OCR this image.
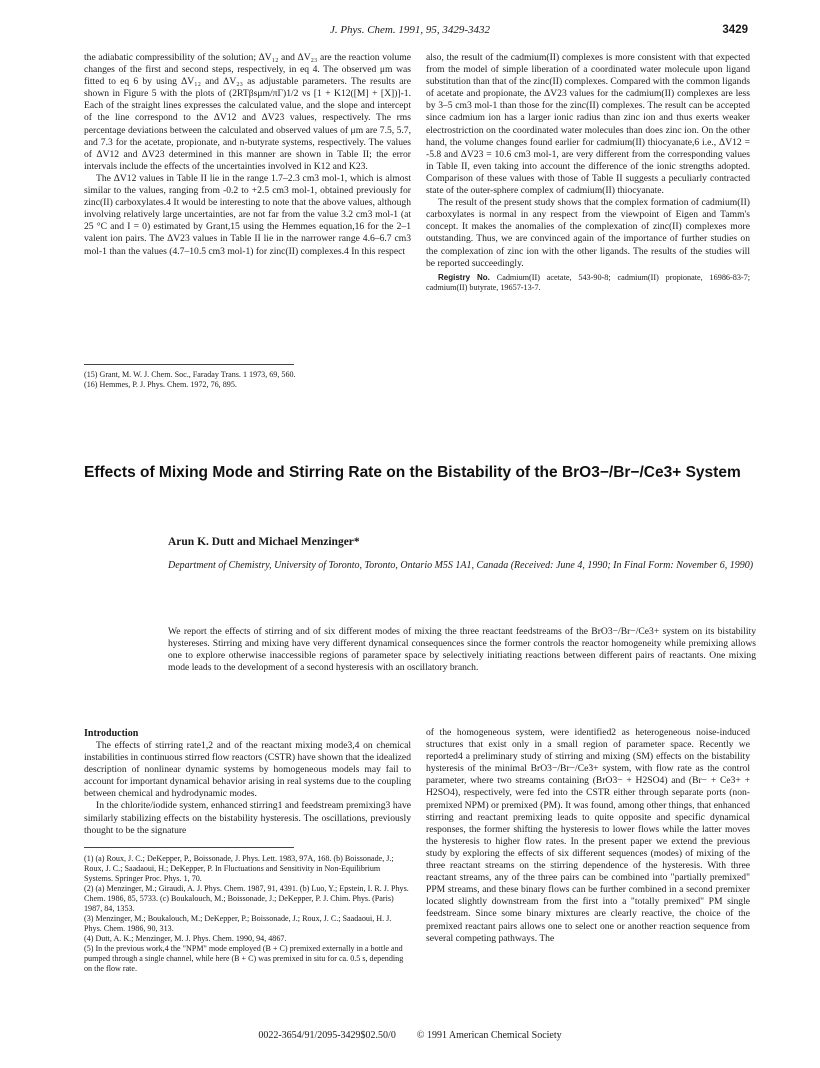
J. Phys. Chem. 1991, 95, 3429-3432	3429

the adiabatic compressibility of the solution; ΔV₁₂ and ΔV₂₃ are the reaction volume changes of the first and second steps, respectively, in eq 4. The observed μm was fitted to eq 6 by using ΔV₁₂ and ΔV₂₃ as adjustable parameters. The results are shown in Figure 5 with the plots of (2RTβsμm/πΓ)1/2 vs [1 + K12([M] + [X])]-1. Each of the straight lines expresses the calculated value, and the slope and intercept of the line correspond to the ΔV12 and ΔV23 values, respectively. The rms percentage deviations between the calculated and observed values of μm are 7.5, 5.7, and 7.3 for the acetate, propionate, and n-butyrate systems, respectively. The values of ΔV12 and ΔV23 determined in this manner are shown in Table II; the error intervals include the effects of the uncertainties involved in K12 and K23.

The ΔV12 values in Table II lie in the range 1.7–2.3 cm3 mol-1, which is almost similar to the values, ranging from -0.2 to +2.5 cm3 mol-1, obtained previously for zinc(II) carboxylates.4 It would be interesting to note that the above values, although involving relatively large uncertainties, are not far from the value 3.2 cm3 mol-1 (at 25 °C and I = 0) estimated by Grant,15 using the Hemmes equation,16 for the 2–1 valent ion pairs. The ΔV23 values in Table II lie in the narrower range 4.6–6.7 cm3 mol-1 than the values (4.7–10.5 cm3 mol-1) for zinc(II) complexes.4 In this respect

(15) Grant, M. W. J. Chem. Soc., Faraday Trans. 1 1973, 69, 560.
(16) Hemmes, P. J. Phys. Chem. 1972, 76, 895.

also, the result of the cadmium(II) complexes is more consistent with that expected from the model of simple liberation of a coordinated water molecule upon ligand substitution than that of the zinc(II) complexes. Compared with the common ligands of acetate and propionate, the ΔV23 values for the cadmium(II) complexes are less by 3–5 cm3 mol-1 than those for the zinc(II) complexes. The result can be accepted since cadmium ion has a larger ionic radius than zinc ion and thus exerts weaker electrostriction on the coordinated water molecules than does zinc ion. On the other hand, the volume changes found earlier for cadmium(II) thiocyanate,6 i.e., ΔV12 = -5.8 and ΔV23 = 10.6 cm3 mol-1, are very different from the corresponding values in Table II, even taking into account the difference of the ionic strengths adopted. Comparison of these values with those of Table II suggests a peculiarly contracted state of the outer-sphere complex of cadmium(II) thiocyanate.

The result of the present study shows that the complex formation of cadmium(II) carboxylates is normal in any respect from the viewpoint of Eigen and Tamm's concept. It makes the anomalies of the complexation of zinc(II) complexes more outstanding. Thus, we are convinced again of the importance of further studies on the complexation of zinc ion with the other ligands. The results of the studies will be reported succeedingly.

Registry No. Cadmium(II) acetate, 543-90-8; cadmium(II) propionate, 16986-83-7; cadmium(II) butyrate, 19657-13-7.

Effects of Mixing Mode and Stirring Rate on the Bistability of the BrO3−/Br−/Ce3+ System
Arun K. Dutt and Michael Menzinger*
Department of Chemistry, University of Toronto, Toronto, Ontario M5S 1A1, Canada (Received: June 4, 1990; In Final Form: November 6, 1990)
We report the effects of stirring and of six different modes of mixing the three reactant feedstreams of the BrO3−/Br−/Ce3+ system on its bistability hystereses. Stirring and mixing have very different dynamical consequences since the former controls the reactor homogeneity while premixing allows one to explore otherwise inaccessible regions of parameter space by selectively initiating reactions between different pairs of reactants. One mixing mode leads to the development of a second hysteresis with an oscillatory branch.
Introduction

The effects of stirring rate1,2 and of the reactant mixing mode3,4 on chemical instabilities in continuous stirred flow reactors (CSTR) have shown that the idealized description of nonlinear dynamic systems by homogeneous models may fail to account for important dynamical behavior arising in real systems due to the coupling between chemical and hydrodynamic modes.

In the chlorite/iodide system, enhanced stirring1 and feedstream premixing3 have similarly stabilizing effects on the bistability hysteresis. The oscillations, previously thought to be the signature

(1) (a) Roux, J. C.; DeKepper, P., Boissonade, J. Phys. Lett. 1983, 97A, 168. (b) Boissonade, J.; Roux, J. C.; Saadaoui, H.; DeKepper, P. In Fluctuations and Sensitivity in Non-Equilibrium Systems. Springer Proc. Phys. 1, 70.
(2) (a) Menzinger, M.; Giraudi, A. J. Phys. Chem. 1987, 91, 4391. (b) Luo, Y.; Epstein, I. R. J. Phys. Chem. 1986, 85, 5733. (c) Boukalouch, M.; Boissonade, J.; DeKepper, P. J. Chim. Phys. (Paris) 1987, 84, 1353.
(3) Menzinger, M.; Boukalouch, M.; DeKepper, P.; Boissonade, J.; Roux, J. C.; Saadaoui, H. J. Phys. Chem. 1986, 90, 313.
(4) Dutt, A. K.; Menzinger, M. J. Phys. Chem. 1990, 94, 4867.
(5) In the previous work,4 the "NPM" mode employed (B + C) premixed externally in a bottle and pumped through a single channel, while here (B + C) was premixed in situ for ca. 0.5 s, depending on the flow rate.

of the homogeneous system, were identified2 as heterogeneous noise-induced structures that exist only in a small region of parameter space. Recently we reported4 a preliminary study of stirring and mixing (SM) effects on the bistability hysteresis of the minimal BrO3−/Br−/Ce3+ system, with flow rate as the control parameter, where two streams containing (BrO3− + H2SO4) and (Br− + Ce3+ + H2SO4), respectively, were fed into the CSTR either through separate ports (non-premixed NPM) or premixed (PM). It was found, among other things, that enhanced stirring and reactant premixing leads to quite opposite and specific dynamical responses, the former shifting the hysteresis to lower flows while the latter moves the hysteresis to higher flow rates. In the present paper we extend the previous study by exploring the effects of six different sequences (modes) of mixing of the three reactant streams on the stirring dependence of the hysteresis. With three reactant streams, any of the three pairs can be combined into "partially premixed" PPM streams, and these binary flows can be further combined in a second premixer located slightly downstream from the first into a "totally premixed" PM single feedstream. Since some binary mixtures are clearly reactive, the choice of the premixed reactant pairs allows one to select one or another reaction sequence from several competing pathways. The

0022-3654/91/2095-3429$02.50/0 © 1991 American Chemical Society
